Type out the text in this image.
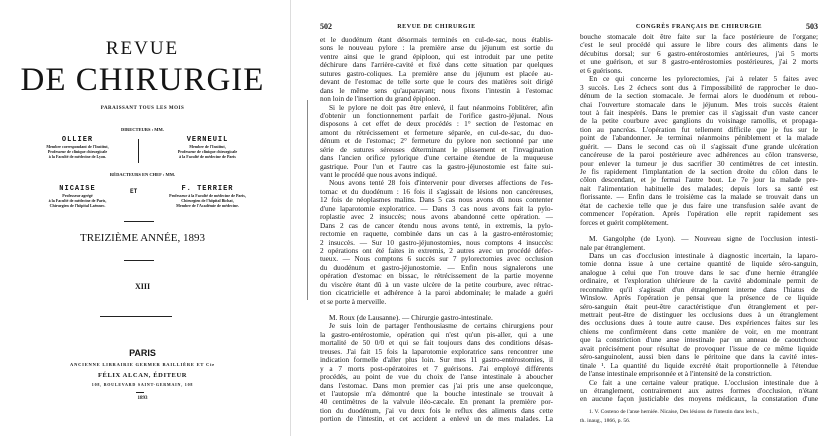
REVUE
DE CHIRURGIE
PARAISSANT TOUS LES MOIS
DIRECTEURS : MM.
OLLIER
Membre correspondant de l'Institut,
Professeur de clinique chirurgicale
à la Faculté de médecine de Lyon.
VERNEUIL
Membre de l'Institut,
Professeur de clinique chirurgicale
à la Faculté de médecine de Paris
RÉDACTEURS EN CHEF : MM.
NICAISE
Professeur agrégé
à la Faculté de médecine de Paris,
Chirurgien de l'hôpital Laënnec.
ET	F. TERRIER
Professeur à la Faculté de médecine de Paris,
Chirurgien de l'hôpital Bichat,
Membre de l'Académie de médecine.
TREIZIÈME ANNÉE, 1893
XIII
PARIS
ANCIENNE LIBRAIRIE GERMER BAILLIÈRE ET Cie
FÉLIX ALCAN, ÉDITEUR
108, BOULEVARD SAINT-GERMAIN, 108
1893
502	REVUE DE CHIRURGIE
et le duodénum étant désormais terminés en cul-de-sac, nous établis-
sons le nouveau pylore : la première anse du jéjunum est sortie du
ventre ainsi que le grand épiploon, qui est introduit par une petite
déchirure dans l'arrière-cavité et fixé dans cette situation par quelques
sutures gastro-coliques. La première anse du jéjunum est placée au-
devant de l'estomac de telle sorte que le cours des matières soit dirigé
dans le même sens qu'auparavant; nous fixons l'intestin à l'estomac
non loin de l'insertion du grand épiploon.
Si le pylore ne doit pas être enlevé, il faut néanmoins l'oblitérer, afin
d'obtenir un fonctionnement parfait de l'orifice gastro-jéjunal. Nous
disposons à cet effet de deux procédés : 1° section de l'estomac en
amont du rétrécissement et fermeture séparée, en cul-de-sac, du duo-
dénum et de l'estomac; 2° fermeture du pylore non sectionné par une
série de sutures séreuses déterminant le plissement et l'invagination
dans l'ancien orifice pylorique d'une certaine étendue de la muqueuse
gastrique. Pour l'un et l'autre cas la gastro-jéjunostomie est faite sui-
vant le procédé que nous avons indiqué.
Nous avons tenté 28 fois d'intervenir pour diverses affections de l'es-
tomac et du duodénum : 16 fois il s'agissait de lésions non cancéreuses,
12 fois de néoplasmes malins. Dans 5 cas nous avons dû nous contenter
d'une laparotomie exploratrice. — Dans 3 cas nous avons fait la pylo-
roplastie avec 2 insuccès; nous avons abandonné cette opération. —
Dans 2 cas de cancer étendu nous avons tenté, in extremis, la pylo-
rectomie en raquette, combinée dans un cas à la gastro-entérostomie;
2 insuccès. — Sur 10 gastro-jéjunostomies, nous comptons 4 insuccès:
2 opérations ont été faites in extremis, 2 autres avec un procédé défec-
tueux. — Nous comptons 6 succès sur 7 pylorectomies avec occlusion
du duodénum et gastro-jéjunostomie. — Enfin nous signalerons une
opération d'estomac en bissac, le rétrécissement de la partie moyenne
du viscère étant dû à un vaste ulcère de la petite courbure, avec rétrac-
tion cicatricielle et adhérence à la paroi abdominale; le malade a guéri
et se porte à merveille.
M. Roux (de Lausanne). — Chirurgie gastro-intestinale.
Je suis loin de partager l'enthousiasme de certains chirurgiens pour
la gastro-entérostomie, opération qui n'est qu'un pis-aller, qui a une
mortalité de 50 0/0 et qui se fait toujours dans des conditions désas-
treuses. J'ai fait 15 fois la laparotomie exploratrice sans rencontrer une
indication formelle d'aller plus loin. Sur mes 11 gastro-entérostomies, il
y a 7 morts post-opératoires et 7 guérisons. J'ai employé différents
procédés, au point de vue du choix de l'anse intestinale à aboucher
dans l'estomac. Dans mon premier cas j'ai pris une anse quelconque,
et l'autopsie m'a démontré que la bouche intestinale se trouvait à
40 centimètres de la valvule iléo-cæcale. En prenant la première por-
tion du duodénum, j'ai vu deux fois le reflux des aliments dans cette
portion de l'intestin, et cet accident a enlevé un de mes malades. La
CONGRÈS FRANÇAIS DE CHIRURGIE	503
bouche stomacale doit être faite sur la face postérieure de l'organe;
c'est le seul procédé qui assure le libre cours des aliments dans le
décubitus dorsal; sur 6 gastro-entérostomies antérieures, j'ai 5 morts
et une guérison, et sur 8 gastro-entérostomies postérieures, j'ai 2 morts
et 6 guérisons.
En ce qui concerne les pylorectomies, j'ai à relater 5 faites avec
3 succès. Les 2 échecs sont dus à l'impossibilité de rapprocher le duo-
dénum de la section stomacale. Je fermai alors le duodénum et rebou-
chai l'ouverture stomacale dans le jéjunum. Mes trois succès étaient
tout à fait inespérés. Dans le premier cas il s'agissait d'un vaste cancer
de la petite courbure avec ganglions du voisinage ramollis, et propaga-
tion au pancréas. L'opération fut tellement difficile que je fus sur le
point de l'abandonner. Je terminai néanmoins péniblement et la malade
guérit. — Dans le second cas où il s'agissait d'une grande ulcération
cancéreuse de la paroi postérieure avec adhérences au côlon transverse,
pour enlever la tumeur je dus sacrifier 30 centimètres de cet intestin.
Je fis rapidement l'implantation de la section droite du côlon dans le
côlon descendant, et je fermai l'autre bout. Le 7e jour la malade pre-
nait l'alimentation habituelle des malades; depuis lors sa santé est
florissante. — Enfin dans le troisième cas la malade se trouvait dans un
état de cachexie telle que je dus faire une transfusion salée avant de
commencer l'opération. Après l'opération elle reprit rapidement ses
forces et guérit complètement.
M. Gangolphe (de Lyon). — Nouveau signe de l'occlusion intesti-
nale par étranglement.
Dans un cas d'occlusion intestinale à diagnostic incertain, la laparo-
tomie donna issue à une certaine quantité de liquide séro-sanguin,
analogue à celui que l'on trouve dans le sac d'une hernie étranglée
ordinaire, et l'exploration ultérieure de la cavité abdominale permit de
reconnaître qu'il s'agissait d'un étranglement interne dans l'hiatus de
Winslow. Après l'opération je pensai que la présence de ce liquide
séro-sanguin était peut-être caractéristique d'un étranglement et per-
mettrait peut-être de distinguer les occlusions dues à un étranglement
des occlusions dues à toute autre cause. Des expériences faites sur les
chiens me confirmèrent dans cette manière de voir, en me montrant
que la constriction d'une anse intestinale par un anneau de caoutchouc
avait précisément pour résultat de provoquer l'issue de ce même liquide
séro-sanguinolent, aussi bien dans le péritoine que dans la cavité intes-
tinale ¹. La quantité du liquide excrété était proportionnelle à l'étendue
de l'anse intestinale emprisonnée et à l'intensité de la constriction.
Ce fait a une certaine valeur pratique. L'occlusion intestinale due à
un étranglement, contrairement aux autres formes d'occlusion, n'étant
en aucune façon justiciable des moyens médicaux, la constatation d'une
1. V. Costeno de l'anse herniée. Nicaise, Des lésions de l'intestin dans les h.,
th. inaug., 1866, p. 56.
